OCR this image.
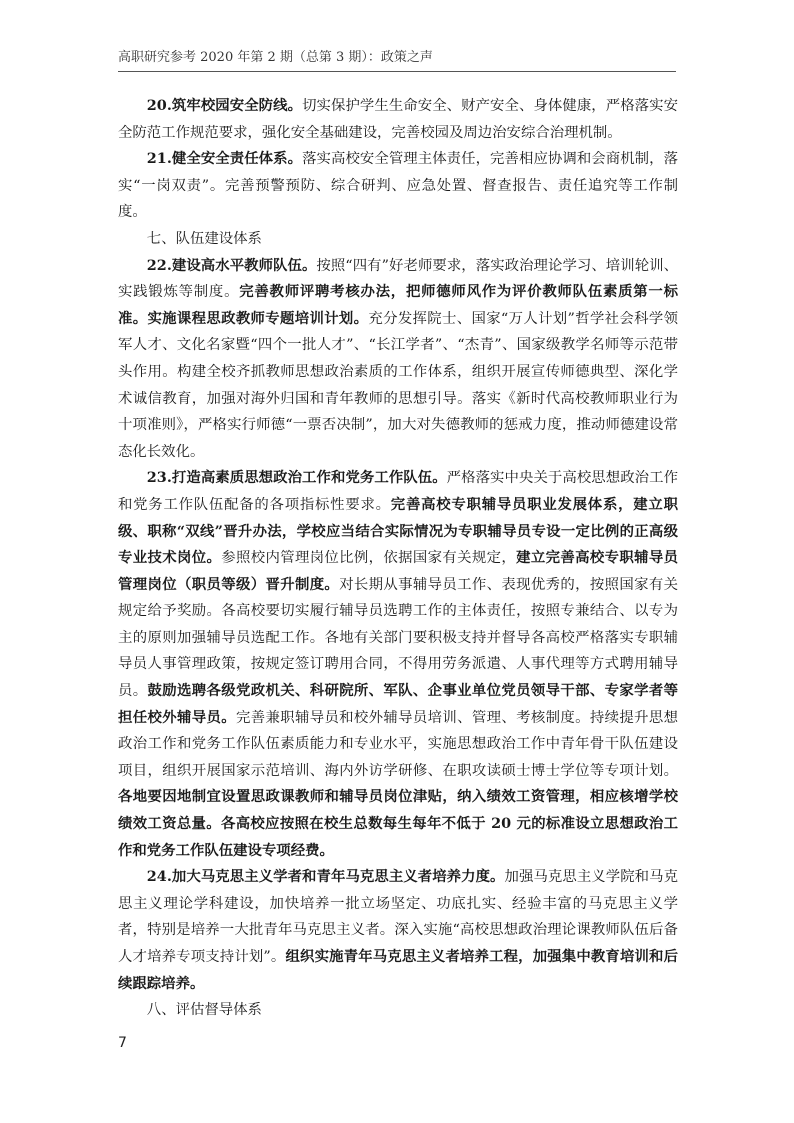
高职研究参考 2020 年第 2 期（总第 3 期）：政策之声

20.筑牢校园安全防线。切实保护学生生命安全、财产安全、身体健康，严格落实安全防范工作规范要求，强化安全基础建设，完善校园及周边治安综合治理机制。

21.健全安全责任体系。落实高校安全管理主体责任，完善相应协调和会商机制，落实“一岗双责”。完善预警预防、综合研判、应急处置、督查报告、责任追究等工作制度。

七、队伍建设体系

22.建设高水平教师队伍。按照“四有”好老师要求，落实政治理论学习、培训轮训、实践锻炼等制度。完善教师评聘考核办法，把师德师风作为评价教师队伍素质第一标准。实施课程思政教师专题培训计划。充分发挥院士、国家“万人计划”哲学社会科学领军人才、文化名家暨“四个一批人才”、“长江学者”、“杰青”、国家级教学名师等示范带头作用。构建全校齐抓教师思想政治素质的工作体系，组织开展宣传师德典型、深化学术诚信教育，加强对海外归国和青年教师的思想引导。落实《新时代高校教师职业行为十项准则》，严格实行师德“一票否决制”，加大对失德教师的惩戒力度，推动师德建设常态化长效化。

23.打造高素质思想政治工作和党务工作队伍。严格落实中央关于高校思想政治工作和党务工作队伍配备的各项指标性要求。完善高校专职辅导员职业发展体系，建立职级、职称“双线”晋升办法，学校应当结合实际情况为专职辅导员专设一定比例的正高级专业技术岗位。参照校内管理岗位比例，依据国家有关规定，建立完善高校专职辅导员管理岗位（职员等级）晋升制度。对长期从事辅导员工作、表现优秀的，按照国家有关规定给予奖励。各高校要切实履行辅导员选聘工作的主体责任，按照专兼结合、以专为主的原则加强辅导员选配工作。各地有关部门要积极支持并督导各高校严格落实专职辅导员人事管理政策，按规定签订聘用合同，不得用劳务派遣、人事代理等方式聘用辅导员。鼓励选聘各级党政机关、科研院所、军队、企事业单位党员领导干部、专家学者等担任校外辅导员。完善兼职辅导员和校外辅导员培训、管理、考核制度。持续提升思想政治工作和党务工作队伍素质能力和专业水平，实施思想政治工作中青年骨干队伍建设项目，组织开展国家示范培训、海内外访学研修、在职攻读硕士博士学位等专项计划。各地要因地制宜设置思政课教师和辅导员岗位津贴，纳入绩效工资管理，相应核增学校绩效工资总量。各高校应按照在校生总数每生每年不低于 20 元的标准设立思想政治工作和党务工作队伍建设专项经费。

24.加大马克思主义学者和青年马克思主义者培养力度。加强马克思主义学院和马克思主义理论学科建设，加快培养一批立场坚定、功底扎实、经验丰富的马克思主义学者，特别是培养一大批青年马克思主义者。深入实施“高校思想政治理论课教师队伍后备人才培养专项支持计划”。组织实施青年马克思主义者培养工程，加强集中教育培训和后续跟踪培养。

八、评估督导体系

7
